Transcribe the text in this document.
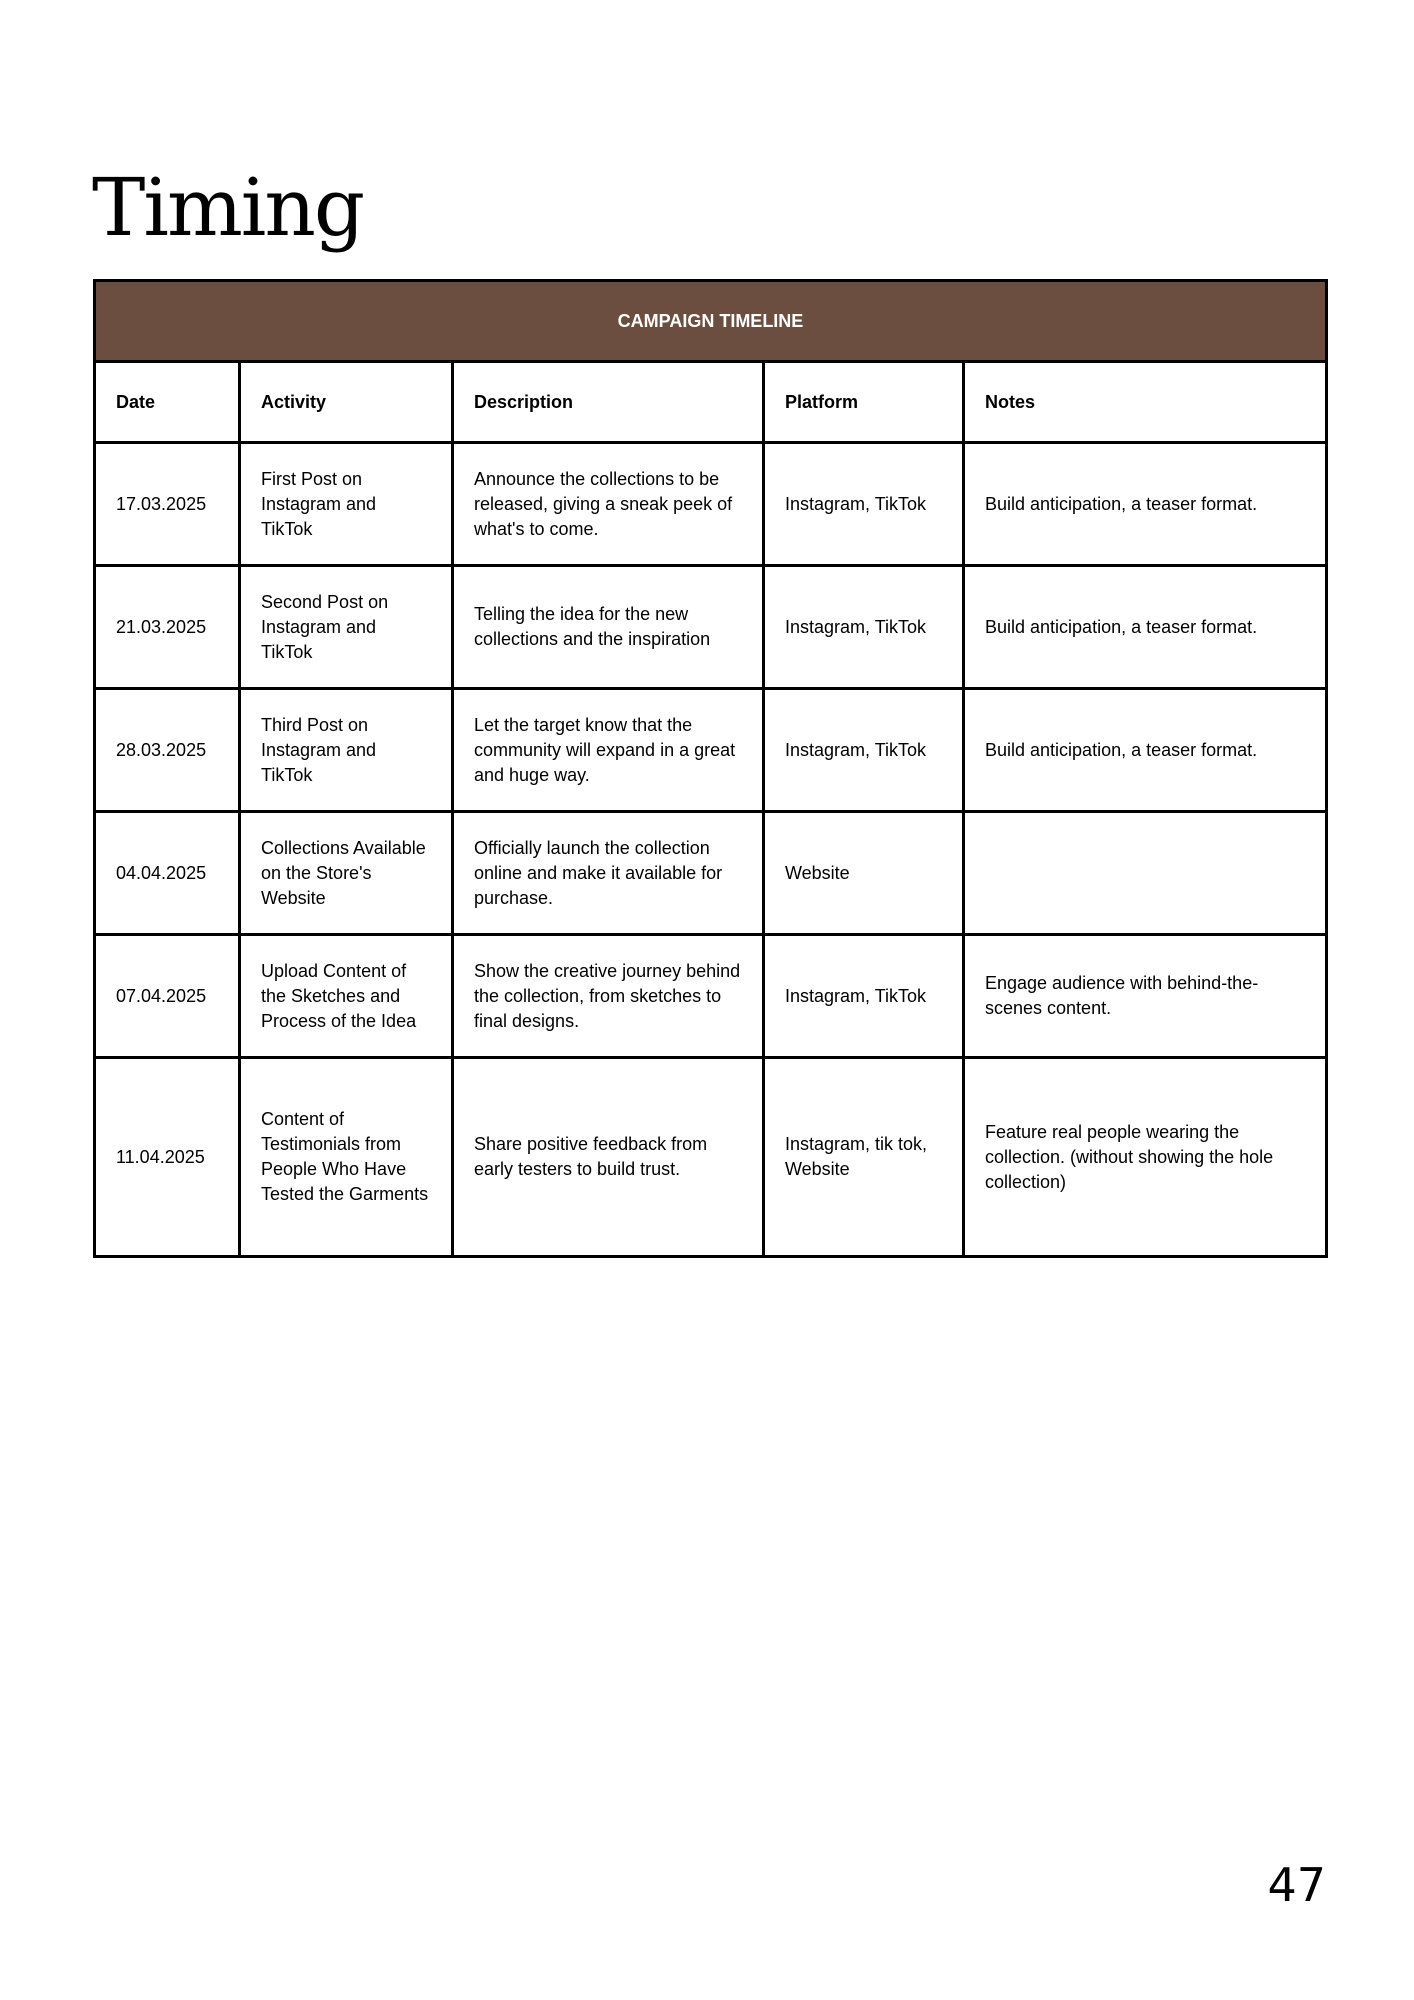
Timing
CAMPAIGN TIMELINE				
Date	Activity	Description	Platform	Notes
17.03.2025	First Post on Instagram and TikTok	Announce the collections to be released, giving a sneak peek of what's to come.	Instagram, TikTok	Build anticipation, a teaser format.
21.03.2025	Second Post on Instagram and TikTok	Telling the idea for the new collections and the inspiration	Instagram, TikTok	Build anticipation, a teaser format.
28.03.2025	Third Post on Instagram and TikTok	Let the target know that the community will expand in a great and huge way.	Instagram, TikTok	Build anticipation, a teaser format.
04.04.2025	Collections Available on the Store's Website	Officially launch the collection online and make it available for purchase.	Website	
07.04.2025	Upload Content of the Sketches and Process of the Idea	Show the creative journey behind the collection, from sketches to final designs.	Instagram, TikTok	Engage audience with behind-the-scenes content.
11.04.2025	Content of Testimonials from People Who Have Tested the Garments	Share positive feedback from early testers to build trust.	Instagram, tik tok, Website	Feature real people wearing the collection. (without showing the hole collection)
47
